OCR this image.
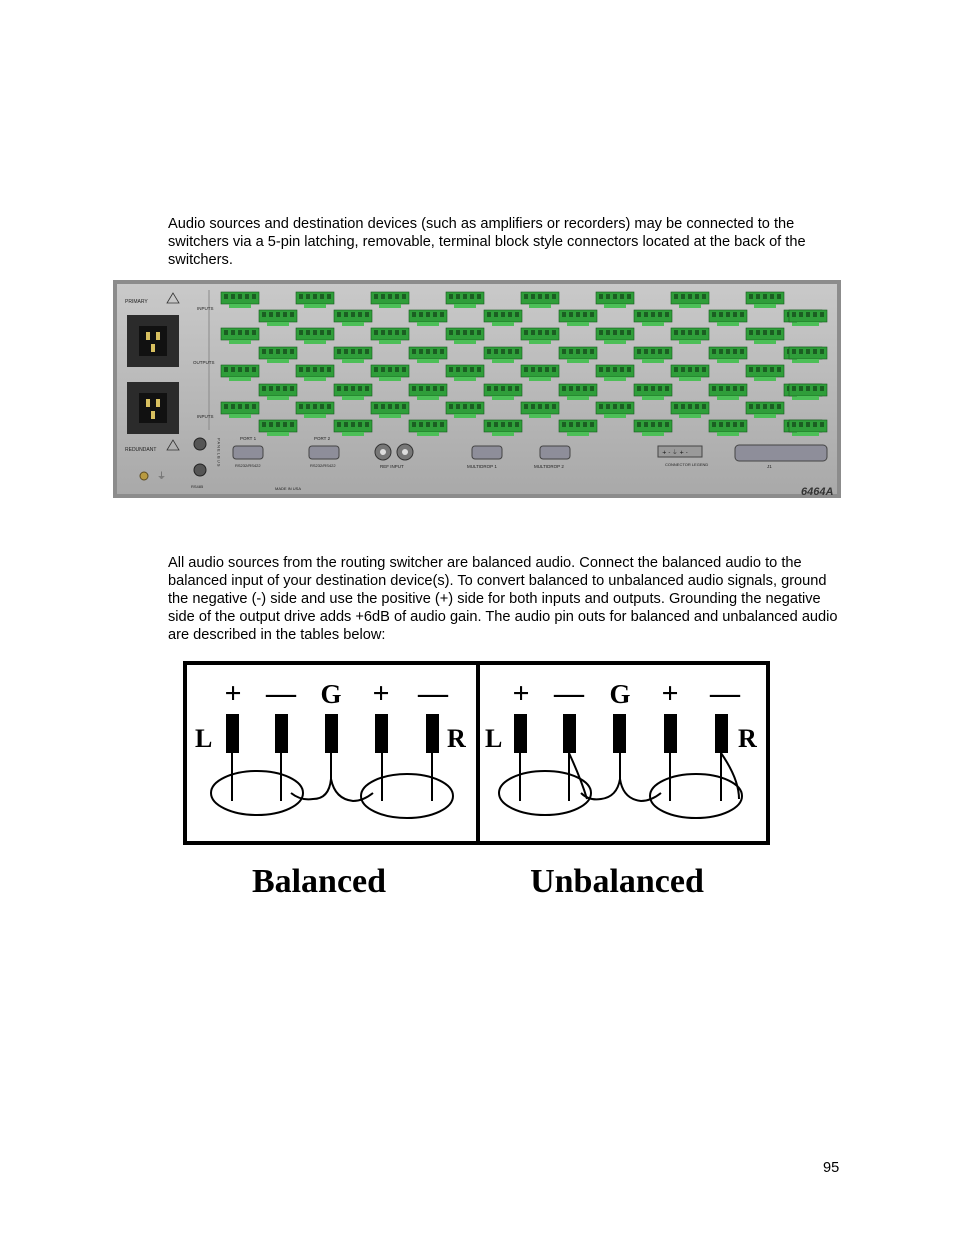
Audio sources and destination devices (such as amplifiers or recorders) may be connected to the switchers via a 5-pin latching, removable, terminal block style connectors located at the back of the switchers.

PRIMARY
REDUNDANT
⏚
INPUTS
OUTPUTS
INPUTS
P A N E L B U S
RS485
PORT 1
RS232/RS422
PORT 2
RS232/RS422	REF INPUT	MULTIDROP 1	MULTIDROP 2
+ - ⏚ + -
CONNECTOR LEGEND	J1
MADE IN USA	6464A

All audio sources from the routing switcher are balanced audio. Connect the balanced audio to the balanced input of your destination device(s). To convert balanced to unbalanced audio signals, ground the negative (-) side and use the positive (+) side for both inputs and outputs. Grounding the negative side of the output drive adds +6dB of audio gain. The audio pin outs for balanced and unbalanced audio are described in the tables below:

+ — G + —
L	R
+ — G + —
L	R
Balanced	Unbalanced
95
